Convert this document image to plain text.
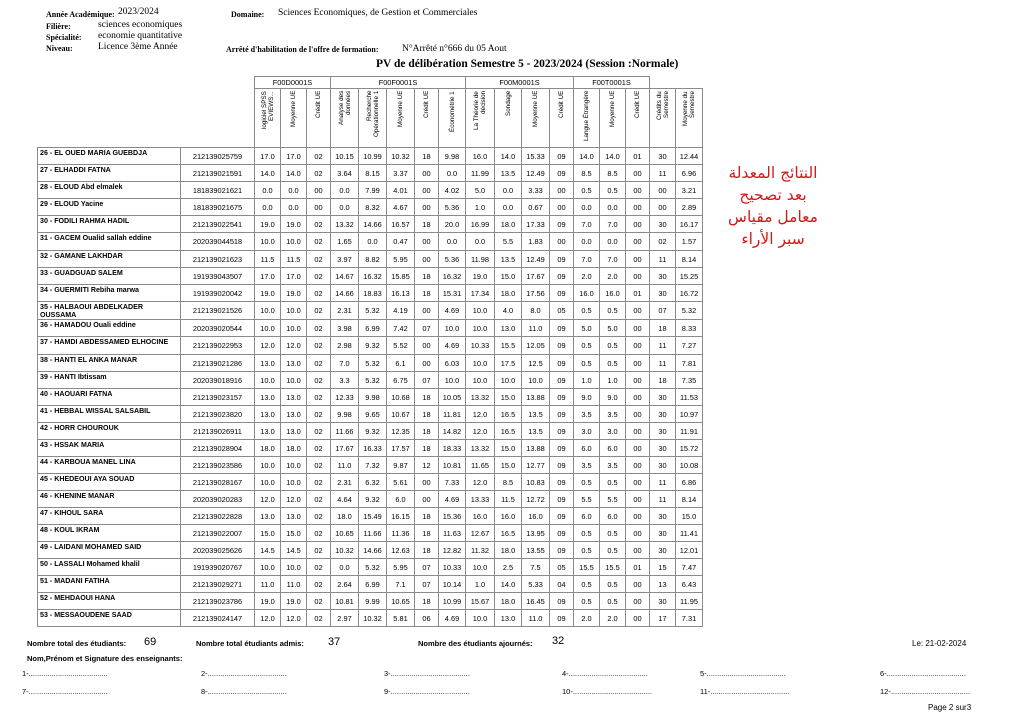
Année Académique: 2023/2024
Filière:	sciences economiques
Spécialité: economie quantitative
Niveau:	Licence 3ème Année
Domaine: Sciences Economiques, de Gestion et Commerciales
Arrêté d'habilitation de l'offre de formation: N°Arrêté n°666 du 05 Aout
PV de délibération Semestre 5 - 2023/2024 (Session :Normale)
		F00D0001S			F00F0001S					F00M0001S				F00T0001S				

		logiciel SPSS EVIEWS...	Moyenne UE	Crédit UE	Analyse des données	Recherche Opérationnelle 1	Moyenne UE	Crédit UE	Économétrie 1	La Théorie de décision	Sondage	Moyenne UE	Crédit UE	Langue Étrangère	Moyenne UE	Crédit UE	Crédits du Semestre	Moyenne du Semestre

26 - EL OUED MARIA GUEBDJA	212139025759	17.0	17.0	02	10.15	10.99	10.32	18	9.98	16.0	14.0	15.33	09	14.0	14.0	01	30	12.44
27 - ELHADDI FATNA	212139021591	14.0	14.0	02	3.64	8.15	3.37	00	0.0	11.99	13.5	12.49	09	8.5	8.5	00	11	6.96
28 - ELOUD Abd elmalek	181839021621	0.0	0.0	00	0.0	7.99	4.01	00	4.02	5.0	0.0	3.33	00	0.5	0.5	00	00	3.21
29 - ELOUD Yacine	181839021675	0.0	0.0	00	0.0	8.32	4.67	00	5.36	1.0	0.0	0.67	00	0.0	0.0	00	00	2.89
30 - FODILI RAHMA HADIL	212139022541	19.0	19.0	02	13.32	14.66	16.57	18	20.0	16.99	18.0	17.33	09	7.0	7.0	00	30	16.17
31 - GACEM Oualid sallah eddine	202039044518	10.0	10.0	02	1.65	0.0	0.47	00	0.0	0.0	5.5	1.83	00	0.0	0.0	00	02	1.57
32 - GAMANE LAKHDAR	212139021623	11.5	11.5	02	3.97	8.82	5.95	00	5.36	11.98	13.5	12.49	09	7.0	7.0	00	11	8.14
33 - GUADGUAD SALEM	191939043507	17.0	17.0	02	14.67	16.32	15.85	18	16.32	19.0	15.0	17.67	09	2.0	2.0	00	30	15.25
34 - GUERMITI Rebiha marwa	191939020042	19.0	19.0	02	14.66	18.83	16.13	18	15.31	17.34	18.0	17.56	09	16.0	16.0	01	30	16.72
35 - HALBAOUI ABDELKADER OUSSAMA	212139021526	10.0	10.0	02	2.31	5.32	4.19	00	4.69	10.0	4.0	8.0	05	0.5	0.5	00	07	5.32
36 - HAMADOU Ouali eddine	202039020544	10.0	10.0	02	3.98	6.99	7.42	07	10.0	10.0	13.0	11.0	09	5.0	5.0	00	18	8.33
37 - HAMDI ABDESSAMED ELHOCINE	212139022953	12.0	12.0	02	2.98	9.32	5.52	00	4.69	10.33	15.5	12.05	09	0.5	0.5	00	11	7.27
38 - HANTI EL ANKA MANAR	212139021286	13.0	13.0	02	7.0	5.32	6.1	00	6.03	10.0	17.5	12.5	09	0.5	0.5	00	11	7.81
39 - HANTI Ibtissam	202039018916	10.0	10.0	02	3.3	5.32	6.75	07	10.0	10.0	10.0	10.0	09	1.0	1.0	00	18	7.35
40 - HAOUARI FATNA	212139023157	13.0	13.0	02	12.33	9.98	10.68	18	10.05	13.32	15.0	13.88	09	9.0	9.0	00	30	11.53
41 - HEBBAL WISSAL SALSABIL	212139023820	13.0	13.0	02	9.98	9.65	10.67	18	11.81	12.0	16.5	13.5	09	3.5	3.5	00	30	10.97
42 - HORR CHOUROUK	212139026911	13.0	13.0	02	11.66	9.32	12.35	18	14.82	12.0	16.5	13.5	09	3.0	3.0	00	30	11.91
43 - HSSAK MARIA	212139028904	18.0	18.0	02	17.67	16.33	17.57	18	18.33	13.32	15.0	13.88	09	6.0	6.0	00	30	15.72
44 - KARBOUA MANEL LINA	212139023586	10.0	10.0	02	11.0	7.32	9.87	12	10.81	11.65	15.0	12.77	09	3.5	3.5	00	30	10.08
45 - KHEDEOUI AYA SOUAD	212139028167	10.0	10.0	02	2.31	6.32	5.61	00	7.33	12.0	8.5	10.83	09	0.5	0.5	00	11	6.86
46 - KHENINE MANAR	202039020283	12.0	12.0	02	4.64	9.32	6.0	00	4.69	13.33	11.5	12.72	09	5.5	5.5	00	11	8.14
47 - KIHOUL SARA	212139022828	13.0	13.0	02	18.0	15.49	16.15	18	15.36	16.0	16.0	16.0	09	6.0	6.0	00	30	15.0
48 - KOUL IKRAM	212139022007	15.0	15.0	02	10.65	11.66	11.36	18	11.63	12.67	16.5	13.95	09	0.5	0.5	00	30	11.41
49 - LAIDANI MOHAMED SAID	202039025626	14.5	14.5	02	10.32	14.66	12.63	18	12.82	11.32	18.0	13.55	09	0.5	0.5	00	30	12.01
50 - LASSALI Mohamed khalil	191939020767	10.0	10.0	02	0.0	5.32	5.95	07	10.33	10.0	2.5	7.5	05	15.5	15.5	01	15	7.47
51 - MADANI FATIHA	212139029271	11.0	11.0	02	2.64	6.99	7.1	07	10.14	1.0	14.0	5.33	04	0.5	0.5	00	13	6.43
52 - MEHDAOUI HANA	212139023786	19.0	19.0	02	10.81	9.99	10.65	18	10.99	15.67	18.0	16.45	09	0.5	0.5	00	30	11.95
53 - MESSAOUDENE SAAD	212139024147	12.0	12.0	02	2.97	10.32	5.81	06	4.69	10.0	13.0	11.0	09	2.0	2.0	00	17	7.31
النتائج المعدلة
بعد تصحيح
معامل مقياس
سبر الأراء
Nombre total des étudiants: 69	Nombre total étudiants admis: 37	Nombre des étudiants ajournés: 32	Le: 21-02-2024
Nom,Prénom et Signature des enseignants:
1-......................................	2-......................................	3-......................................	4-......................................	5-......................................	6-......................................
7-......................................	8-......................................	9-......................................	10-......................................	11-......................................	12-......................................
Page 2 sur3
